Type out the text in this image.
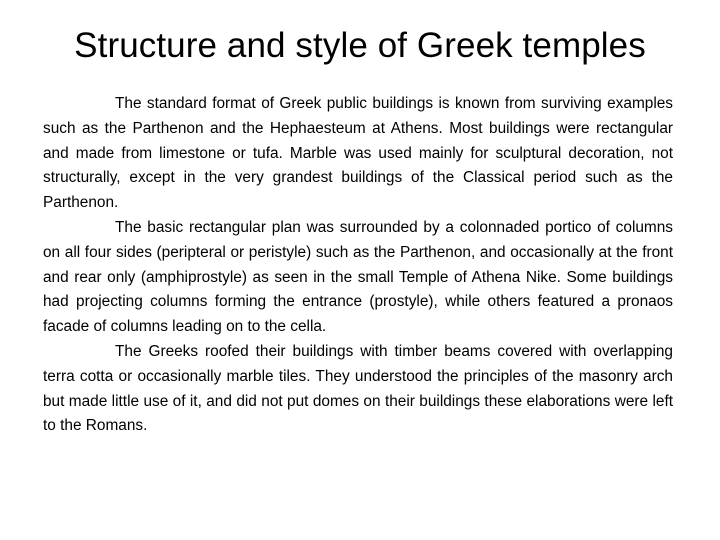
Structure and style of Greek temples

The standard format of Greek public buildings is known from surviving examples such as the Parthenon and the Hephaesteum at Athens. Most buildings were rectangular and made from limestone or tufa. Marble was used mainly for sculptural decoration, not structurally, except in the very grandest buildings of the Classical period such as the Parthenon.

The basic rectangular plan was surrounded by a colonnaded portico of columns on all four sides (peripteral or peristyle) such as the Parthenon, and occasionally at the front and rear only (amphiprostyle) as seen in the small Temple of Athena Nike. Some buildings had projecting columns forming the entrance (prostyle), while others featured a pronaos facade of columns leading on to the cella.

The Greeks roofed their buildings with timber beams covered with overlapping terra cotta or occasionally marble tiles. They understood the principles of the masonry arch but made little use of it, and did not put domes on their buildings these elaborations were left to the Romans.
